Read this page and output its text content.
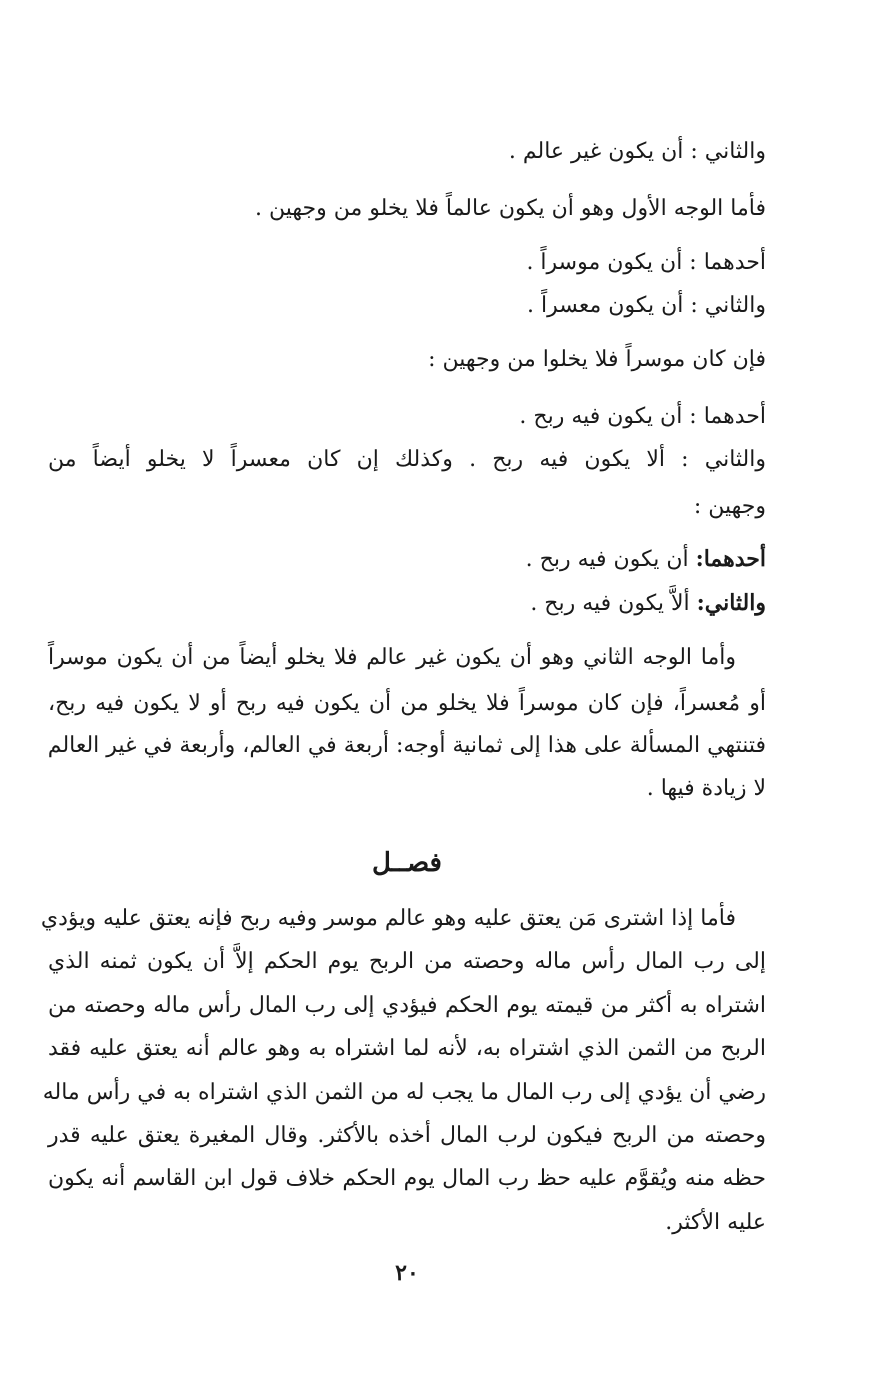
والثاني : أن يكون غير عالم .
فأما الوجه الأول وهو أن يكون عالماً فلا يخلو من وجهين .
أحدهما : أن يكون موسراً .
والثاني : أن يكون معسراً .
فإن كان موسراً فلا يخلوا من وجهين :
أحدهما : أن يكون فيه ربح .
والثاني : ألا يكون فيه ربح . وكذلك إن كان معسراً لا يخلو أيضاً من
وجهين :
أحدهما: أن يكون فيه ربح .
والثاني: ألاَّ يكون فيه ربح .
وأما الوجه الثاني وهو أن يكون غير عالم فلا يخلو أيضاً من أن يكون موسراً
أو مُعسراً، فإن كان موسراً فلا يخلو من أن يكون فيه ربح أو لا يكون فيه ربح،
فتنتهي المسألة على هذا إلى ثمانية أوجه: أربعة في العالم، وأربعة في غير العالم
لا زيادة فيها .
فصــل
فأما إذا اشترى مَن يعتق عليه وهو عالم موسر وفيه ربح فإنه يعتق عليه ويؤدي
إلى رب المال رأس ماله وحصته من الربح يوم الحكم إلاَّ أن يكون ثمنه الذي
اشتراه به أكثر من قيمته يوم الحكم فيؤدي إلى رب المال رأس ماله وحصته من
الربح من الثمن الذي اشتراه به، لأنه لما اشتراه به وهو عالم أنه يعتق عليه فقد
رضي أن يؤدي إلى رب المال ما يجب له من الثمن الذي اشتراه به في رأس ماله
وحصته من الربح فيكون لرب المال أخذه بالأكثر. وقال المغيرة يعتق عليه قدر
حظه منه ويُقوَّم عليه حظ رب المال يوم الحكم خلاف قول ابن القاسم أنه يكون
عليه الأكثر.
٢٠
